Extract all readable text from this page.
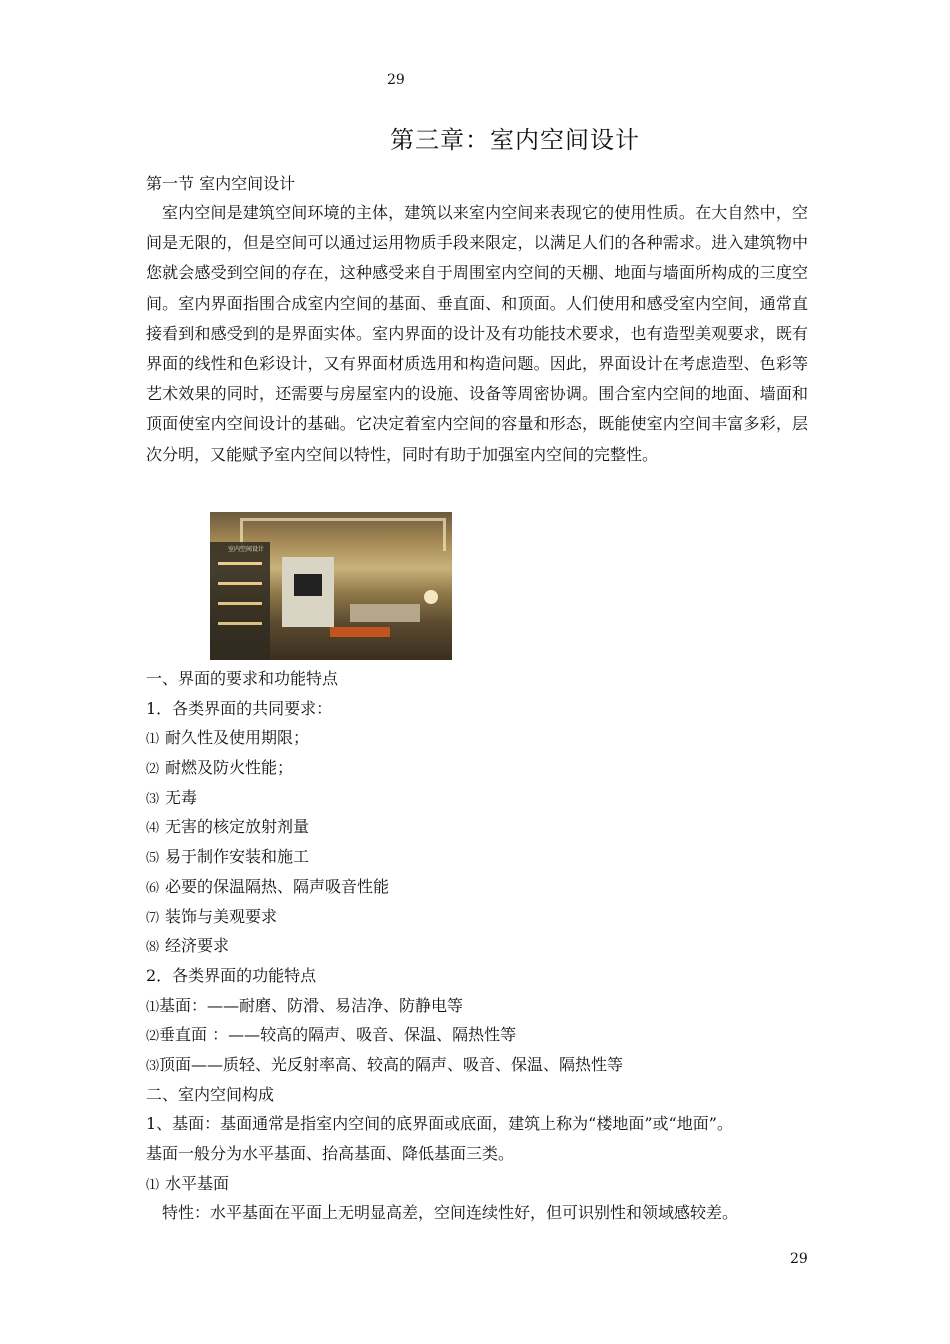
29
第三章：室内空间设计
第一节 室内空间设计

室内空间是建筑空间环境的主体，建筑以来室内空间来表现它的使用性质。在大自然中，空间是无限的，但是空间可以通过运用物质手段来限定，以满足人们的各种需求。进入建筑物中您就会感受到空间的存在，这种感受来自于周围室内空间的天棚、地面与墙面所构成的三度空间。室内界面指围合成室内空间的基面、垂直面、和顶面。人们使用和感受室内空间，通常直接看到和感受到的是界面实体。室内界面的设计及有功能技术要求，也有造型美观要求，既有界面的线性和色彩设计，又有界面材质选用和构造问题。因此，界面设计在考虑造型、色彩等艺术效果的同时，还需要与房屋室内的设施、设备等周密协调。围合室内空间的地面、墙面和顶面使室内空间设计的基础。它决定着室内空间的容量和形态，既能使室内空间丰富多彩，层次分明，又能赋予室内空间以特性，同时有助于加强室内空间的完整性。

室内空间设计
一、界面的要求和功能特点
1．各类界面的共同要求：
⑴ 耐久性及使用期限；
⑵ 耐燃及防火性能；
⑶ 无毒
⑷ 无害的核定放射剂量
⑸ 易于制作安装和施工
⑹ 必要的保温隔热、隔声吸音性能
⑺ 装饰与美观要求
⑻ 经济要求
2．各类界面的功能特点
⑴基面：——耐磨、防滑、易洁净、防静电等
⑵垂直面 ：——较高的隔声、吸音、保温、隔热性等
⑶顶面——质轻、光反射率高、较高的隔声、吸音、保温、隔热性等
二、室内空间构成
1、基面：基面通常是指室内空间的底界面或底面，建筑上称为“楼地面”或“地面”。
基面一般分为水平基面、抬高基面、降低基面三类。
⑴ 水平基面
特性：水平基面在平面上无明显高差，空间连续性好，但可识别性和领域感较差。
29
